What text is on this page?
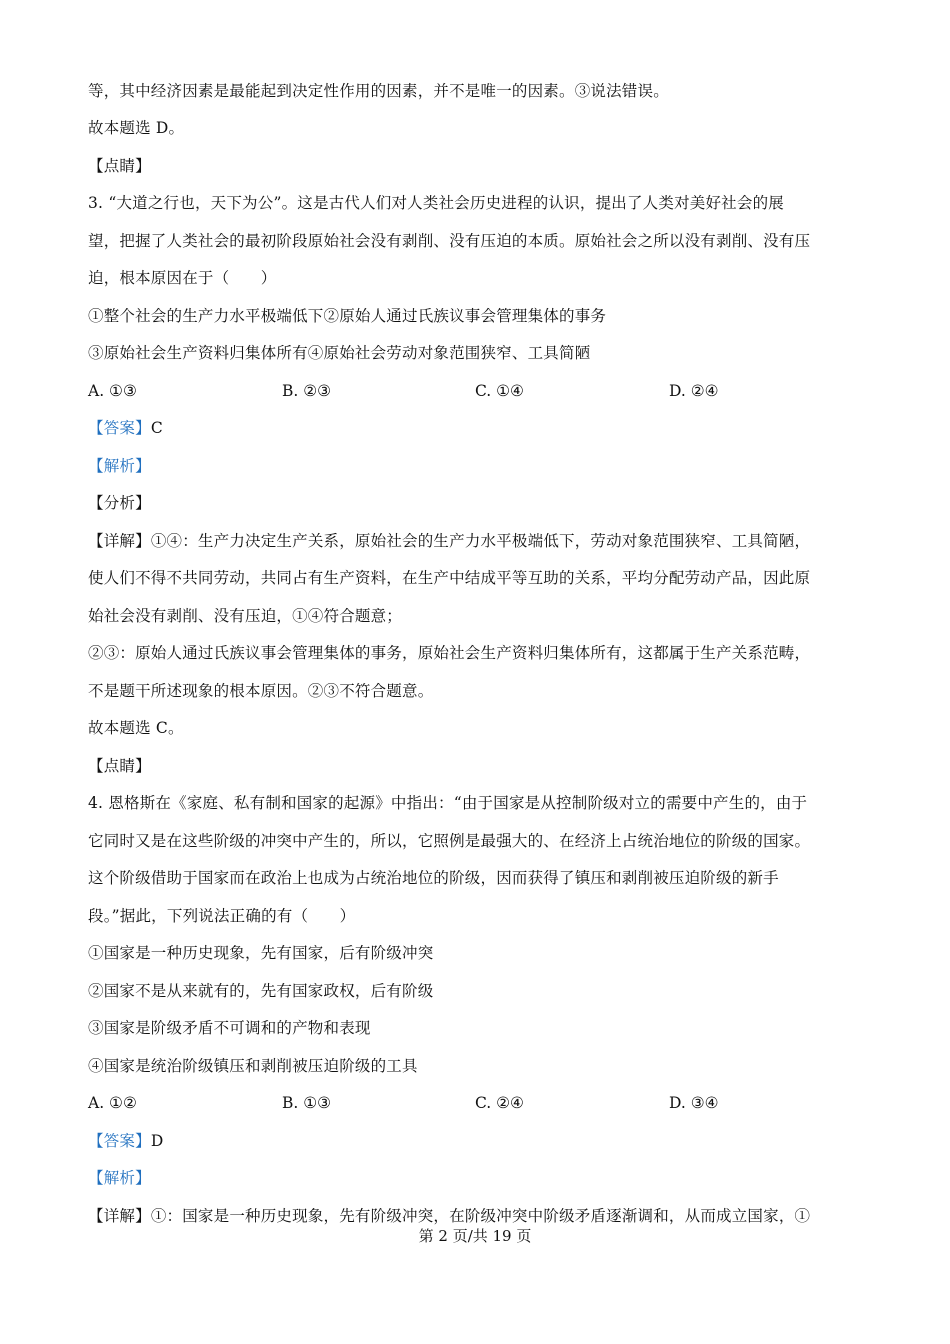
等，其中经济因素是最能起到决定性作用的因素，并不是唯一的因素。③说法错误。
故本题选 D。
【点睛】
3. “大道之行也，天下为公”。这是古代人们对人类社会历史进程的认识，提出了人类对美好社会的展
望，把握了人类社会的最初阶段原始社会没有剥削、没有压迫的本质。原始社会之所以没有剥削、没有压
迫，根本原因在于（　　）
①整个社会的生产力水平极端低下②原始人通过氏族议事会管理集体的事务
③原始社会生产资料归集体所有④原始社会劳动对象范围狭窄、工具简陋
A. ①③	B. ②③	C. ①④	D. ②④
【答案】C
【解析】
【分析】
【详解】①④：生产力决定生产关系，原始社会的生产力水平极端低下，劳动对象范围狭窄、工具简陋，
使人们不得不共同劳动，共同占有生产资料，在生产中结成平等互助的关系，平均分配劳动产品，因此原
始社会没有剥削、没有压迫，①④符合题意；
②③：原始人通过氏族议事会管理集体的事务，原始社会生产资料归集体所有，这都属于生产关系范畴，
不是题干所述现象的根本原因。②③不符合题意。
故本题选 C。
【点睛】
4. 恩格斯在《家庭、私有制和国家的起源》中指出：“由于国家是从控制阶级对立的需要中产生的，由于
它同时又是在这些阶级的冲突中产生的，所以，它照例是最强大的、在经济上占统治地位的阶级的国家。
这个阶级借助于国家而在政治上也成为占统治地位的阶级，因而获得了镇压和剥削被压迫阶级的新手
段。”据此，下列说法正确的有（　　）
①国家是一种历史现象，先有国家，后有阶级冲突
②国家不是从来就有的，先有国家政权，后有阶级
③国家是阶级矛盾不可调和的产物和表现
④国家是统治阶级镇压和剥削被压迫阶级的工具
A. ①②	B. ①③	C. ②④	D. ③④
【答案】D
【解析】
【详解】①：国家是一种历史现象，先有阶级冲突，在阶级冲突中阶级矛盾逐渐调和，从而成立国家，①
第 2 页/共 19 页
